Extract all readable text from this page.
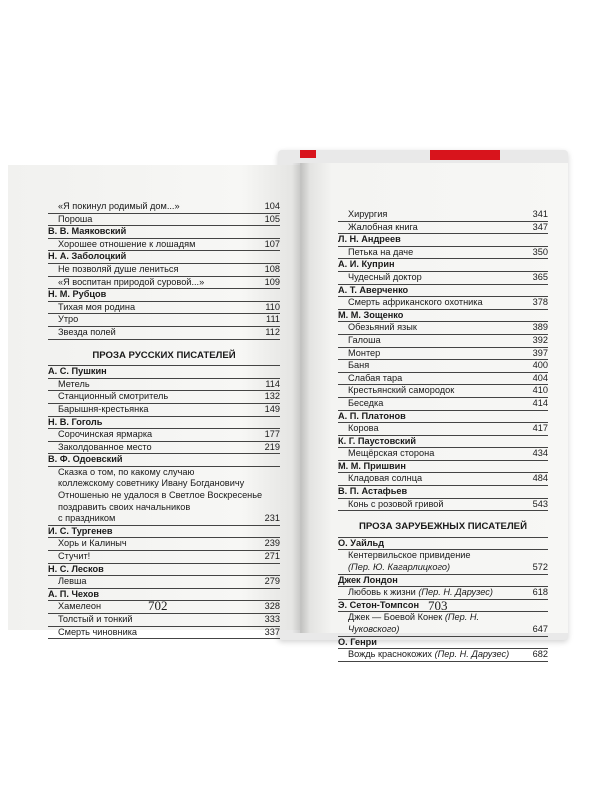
«Я покинул родимый дом...»	104
Пороша	105
В. В. Маяковский
Хорошее отношение к лошадям	107
Н. А. Заболоцкий
Не позволяй душе лениться	108
«Я воспитан природой суровой...»	109
Н. М. Рубцов
Тихая моя родина	110
Утро	111
Звезда полей	112
ПРОЗА РУССКИХ ПИСАТЕЛЕЙ
А. С. Пушкин
Метель	114
Станционный смотритель	132
Барышня-крестьянка	149
Н. В. Гоголь
Сорочинская ярмарка	177
Заколдованное место	219
В. Ф. Одоевский
Сказка о том, по какому случаю
коллежскому советнику Ивану Богдановичу
Отношенью не удалося в Светлое Воскресенье
поздравить своих начальников
с праздником	231
И. С. Тургенев
Хорь и Калиныч	239
Стучит!	271
Н. С. Лесков
Левша	279
А. П. Чехов
Хамелеон	328
Толстый и тонкий	333
Смерть чиновника	337
Хирургия	341
Жалобная книга	347
Л. Н. Андреев
Петька на даче	350
А. И. Куприн
Чудесный доктор	365
А. Т. Аверченко
Смерть африканского охотника	378
М. М. Зощенко
Обезьяний язык	389
Галоша	392
Монтер	397
Баня	400
Слабая тара	404
Крестьянский самородок	410
Беседка	414
А. П. Платонов
Корова	417
К. Г. Паустовский
Мещёрская сторона	434
М. М. Пришвин
Кладовая солнца	484
В. П. Астафьев
Конь с розовой гривой	543
ПРОЗА ЗАРУБЕЖНЫХ ПИСАТЕЛЕЙ
О. Уайльд
Кентервильское привидение
(Пер. Ю. Кагарлицкого)	572
Джек Лондон
Любовь к жизни (Пер. Н. Дарузес)	618
Э. Сетон-Томпсон
Джек — Боевой Конек (Пер. Н. Чуковского)	647
О. Генри
Вождь краснокожих (Пер. Н. Дарузес)	682
702	703
